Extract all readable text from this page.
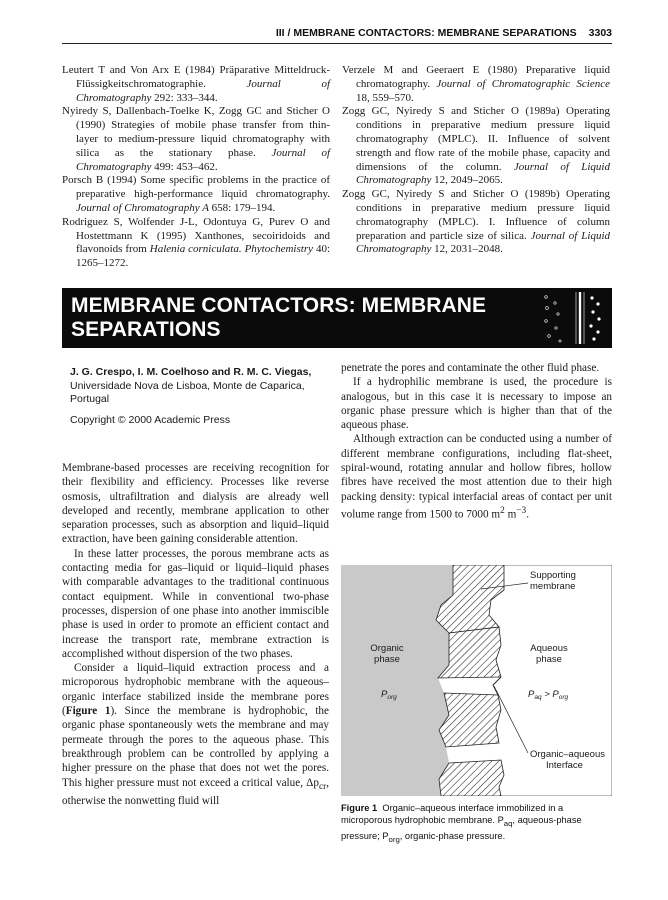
III / MEMBRANE CONTACTORS: MEMBRANE SEPARATIONS 3303

Leutert T and Von Arx E (1984) Präparative Mitteldruck-Flüssigkeitschromatographie.	Journal of Chromatography 292: 333–344.

Nyiredy S, Dallenbach-Toelke K, Zogg GC and Sticher O (1990) Strategies of mobile phase transfer from thin-layer to medium-pressure liquid chromatography with silica as the stationary phase. Journal of Chromatography 499: 453–462.

Porsch B (1994) Some specific problems in the practice of preparative high-performance liquid chromatography. Journal of Chromatography A 658: 179–194.

Rodriguez S, Wolfender J-L, Odontuya G, Purev O and Hostettmann K (1995) Xanthones, secoiridoids and flavonoids from Halenia corniculata. Phytochemistry 40: 1265–1272.

Verzele M and Geeraert E (1980) Preparative liquid chromatography. Journal of Chromatographic Science 18, 559–570.

Zogg GC, Nyiredy S and Sticher O (1989a) Operating conditions in preparative medium pressure liquid chromatography (MPLC). II. Influence of solvent strength and flow rate of the mobile phase, capacity and dimensions of the column. Journal of Liquid Chromatography 12, 2049–2065.

Zogg GC, Nyiredy S and Sticher O (1989b) Operating conditions in preparative medium pressure liquid chromatography (MPLC). I. Influence of column preparation and particle size of silica. Journal of Liquid Chromatography 12, 2031–2048.

MEMBRANE CONTACTORS: MEMBRANE
SEPARATIONS
J. G. Crespo, I. M. Coelhoso and R. M. C. Viegas,
Universidade Nova de Lisboa, Monte de Caparica,
Portugal
Copyright © 2000 Academic Press

Membrane-based processes are receiving recognition for their flexibility and efficiency. Processes like reverse osmosis, ultrafiltration and dialysis are already well developed and recently, membrane application to other separation processes, such as absorption and liquid–liquid extraction, have been gaining considerable attention.

In these latter processes, the porous membrane acts as contacting media for gas–liquid or liquid–liquid phases with comparable advantages to the traditional continuous contact equipment. While in conventional two-phase processes, dispersion of one phase into another immiscible phase is used in order to promote an efficient contact and increase the transport rate, membrane extraction is accomplished without dispersion of the two phases.

Consider a liquid–liquid extraction process and a microporous hydrophobic membrane with the aqueous–organic interface stabilized inside the membrane pores (Figure 1). Since the membrane is hydrophobic, the organic phase spontaneously wets the membrane and may permeate through the pores to the aqueous phase. This breakthrough problem can be controlled by applying a higher pressure on the phase that does not wet the pores. This higher pressure must not exceed a critical value, $\Delta p_{cr}$, otherwise the nonwetting fluid will

penetrate the pores and contaminate the other fluid phase.

If a hydrophilic membrane is used, the procedure is analogous, but in this case it is necessary to impose an organic phase pressure which is higher than that of the aqueous phase.

Although extraction can be conducted using a number of different membrane configurations, including flat-sheet, spiral-wound, rotating annular and hollow fibres, hollow fibres have received the most attention due to their high packing density: typical interfacial areas of contact per unit volume range from 1500 to 7000 $m^2$ $m^{-3}$.

Supporting
membrane
Organic
phase
Aqueous
phase
$P_{org}$	$P_{aq} > P_{org}$
Organic–aqueous
Interface
Figure 1 Organic–aqueous interface immobilized in a microporous hydrophobic membrane. $P_{aq}$, aqueous-phase pressure; $P_{org}$, organic-phase pressure.
